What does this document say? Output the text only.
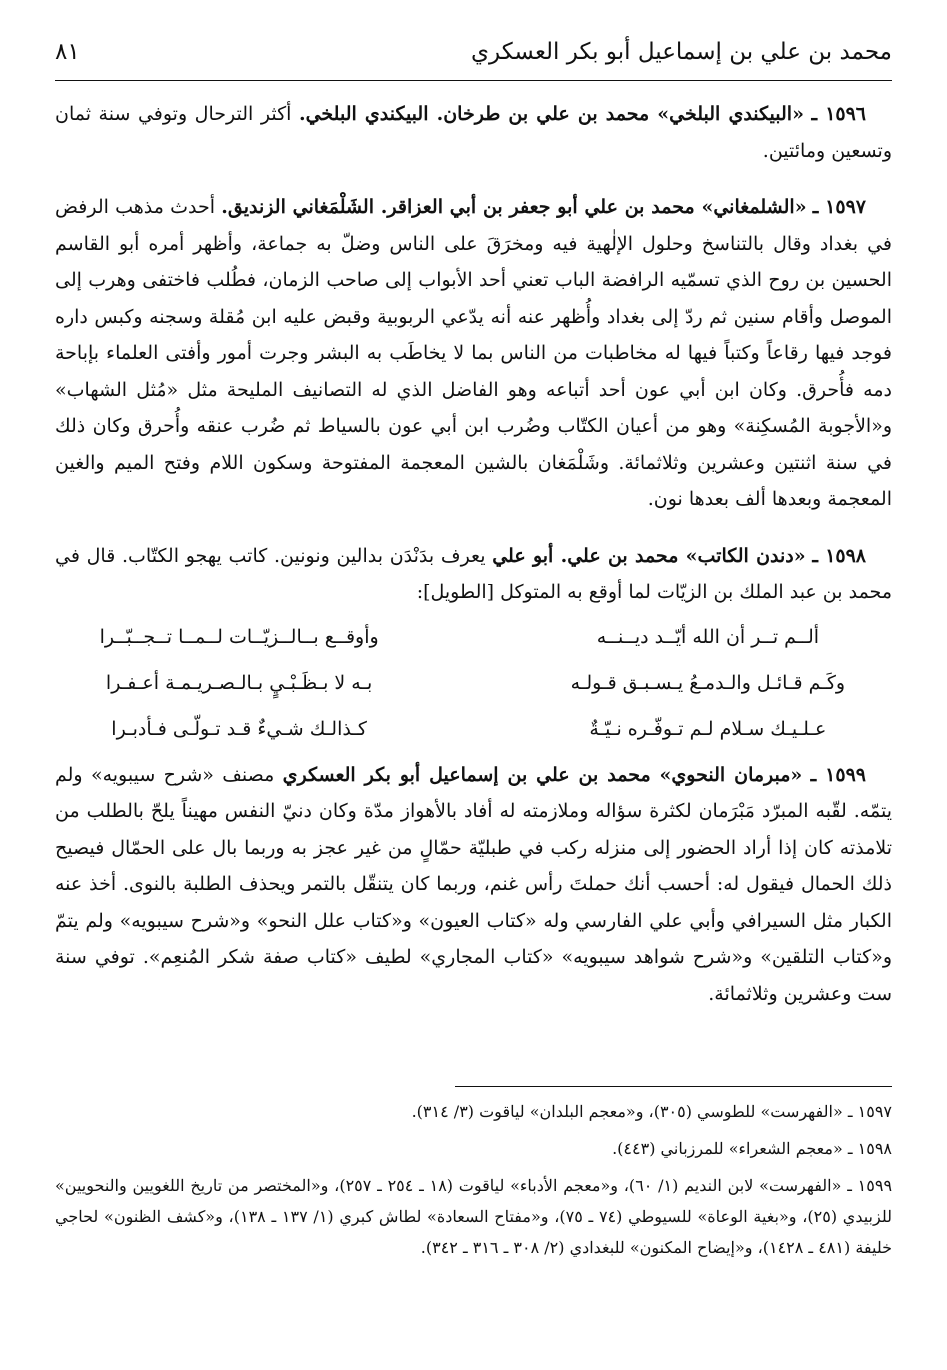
٨١	محمد بن علي بن إسماعيل أبو بكر العسكري

١٥٩٦ ـ «البيكندي البلخي» محمد بن علي بن طرخان. البيكندي البلخي. أكثر الترحال وتوفي سنة ثمان وتسعين ومائتين.

١٥٩٧ ـ «الشلمغاني» محمد بن علي أبو جعفر بن أبي العزاقر. الشَلْمَغاني الزنديق. أحدث مذهب الرفض في بغداد وقال بالتناسخ وحلول الإلٰهية فيه ومخرَقَ على الناس وضلّ به جماعة، وأظهر أمره أبو القاسم الحسين بن روح الذي تسمّيه الرافضة الباب تعني أحد الأبواب إلى صاحب الزمان، فطُلب فاختفى وهرب إلى الموصل وأقام سنين ثم ردّ إلى بغداد وأُظهر عنه أنه يدّعي الربوبية وقبض عليه ابن مُقلة وسجنه وكبس داره فوجد فيها رقاعاً وكتباً فيها له مخاطبات من الناس بما لا يخاطَب به البشر وجرت أمور وأفتى العلماء بإباحة دمه فأُحرق. وكان ابن أبي عون أحد أتباعه وهو الفاضل الذي له التصانيف المليحة مثل «مُثل الشهاب» و«الأجوبة المُسكِنة» وهو من أعيان الكتّاب وضُرب ابن أبي عون بالسياط ثم ضُرب عنقه وأُحرق وكان ذلك في سنة اثنتين وعشرين وثلاثمائة. وشَلْمَغان بالشين المعجمة المفتوحة وسكون اللام وفتح الميم والغين المعجمة وبعدها ألف بعدها نون.

١٥٩٨ ـ «دندن الكاتب» محمد بن علي. أبو علي يعرف بدَنْدَن بدالين ونونين. كاتب يهجو الكتّاب. قال في محمد بن عبد الملك بن الزيّات لما أوقع به المتوكل [الطويل]:

ألــم تــر أن الله أيّــد ديــنــه
وأوقــع بــالــزيّــات لــمــا تــجــبّــرا
وكَـم قـائـل والـدمـعُ يـسـبـق قـولـه
بـه لا بـظَـبْـيٍ بـالـصـريـمـة أعـفـرا
عـلـيـك سـلام لـم تـوفّـره نـيّـةٌ
كـذالـك شـيءٌ قـد تـولّـى فـأدبـرا

١٥٩٩ ـ «مبرمان النحوي» محمد بن علي بن إسماعيل أبو بكر العسكري مصنف «شرح سيبويه» ولم يتمّه. لقّبه المبرّد مَبْرَمان لكثرة سؤاله وملازمته له أفاد بالأهواز مدّة وكان دنيّ النفس مهيناً يلحّ بالطلب من تلامذته كان إذا أراد الحضور إلى منزله ركب في طبليّة حمّالٍ من غير عجز به وربما بال على الحمّال فيصيح ذلك الحمال فيقول له: أحسب أنك حملتَ رأس غنم، وربما كان يتنقّل بالتمر ويحذف الطلبة بالنوى. أخذ عنه الكبار مثل السيرافي وأبي علي الفارسي وله «كتاب العيون» و«كتاب علل النحو» و«شرح سيبويه» ولم يتمّ و«كتاب التلقين» و«شرح شواهد سيبويه» «كتاب المجاري» لطيف «كتاب صفة شكر المُنعِم». توفي سنة ست وعشرين وثلاثمائة.

١٥٩٧ ـ «الفهرست» للطوسي (٣٠٥)، و«معجم البلدان» لياقوت (٣/ ٣١٤).

١٥٩٨ ـ «معجم الشعراء» للمرزباني (٤٤٣).

١٥٩٩ ـ «الفهرست» لابن النديم (١/ ٦٠)، و«معجم الأدباء» لياقوت (١٨ ـ ٢٥٤ ـ ٢٥٧)، و«المختصر من تاريخ اللغويين والنحويين» للزبيدي (٢٥)، و«بغية الوعاة» للسيوطي (٧٤ ـ ٧٥)، و«مفتاح السعادة» لطاش كبري (١/ ١٣٧ ـ ١٣٨)، و«كشف الظنون» لحاجي خليفة (٤٨١ ـ ١٤٢٨)، و«إيضاح المكنون» للبغدادي (٢/ ٣٠٨ ـ ٣١٦ ـ ٣٤٢).
